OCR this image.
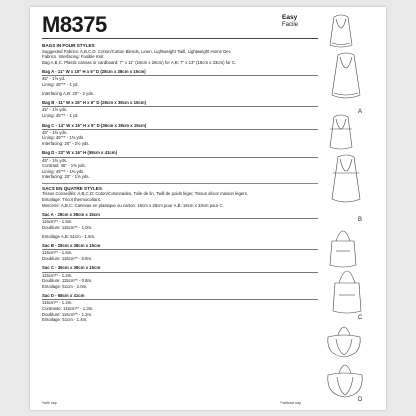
M8375	Easy
Facile
BAGS IN FOUR STYLES
Suggested Fabrics: A,B,C,D: Cotton/Cotton Blends, Linen, Lightweight Twill, Lightweight Home Dec
Fabrics. Interfacing: Fusible Knit.
Bag A,B,C: Plastic canvas or cardboard: 7" x 11" (18cm x 28cm) for A,B; 7" x 13" (18cm x 33cm) for C.
Bag A - 11" W x 15" H x 6" D (28cm x 38cm x 15cm)
45" - 1⅝ yd.
Lining: 45"** - 1 yd.
Interfacing A,B: 20" - 2 yds.
Bag B - 11" W x 15" H x 6" D (28cm x 38cm x 15cm)
45" - 1⅝ yds.
Lining: 45"** - 1 yd.
Bag C - 14" W x 15" H x 6" D (36cm x 38cm x 15cm)
45" - 1⅜ yds.
Lining: 45"** - 1⅜ yds.
Interfacing: 20" - 2½ yds.
Bag D - 23" W x 16" H (58cm x 41cm)
45" - 1⅜ yds.
Contrast: 45" - 1⅜ yds.
Lining: 45"** - 1⅜ yds.
Interfacing: 20" - 1⅝ yds.
SACS EN QUATRE STYLES
Tissus Conseillés: A,B,C,D: Coton/Cotonnades, Toile de lin, Twill de poids léger, Tissus décor maison légers.
Entoilage: Tricot thermocollant.
Mercerie: A,B,C: Canevas en plastique ou carton: 18cm x 28cm pour A,B; 18cm x 33cm pour C.
Sac A - 28cm x 38cm x 15cm
115cm** - 1.5m.
Doublure: 115cm** - 1.0m.
Entoilage A,B: 51cm - 1.8m.
Sac B - 28cm x 38cm x 15cm
115cm** - 1.5m.
Doublure: 115cm** - 0.8m.
Sac C - 36cm x 38cm x 15cm
115cm** - 1.2m.
Doublure: 115cm** - 0.8m.
Entoilage: 51cm - 2.0m.
Sac D - 58cm x 41cm
115cm** - 1.2m.
Contraste: 115cm** - 1.3m.
Doublure: 115cm** - 1.2m.
Entoilage: 51cm - 1.4m.
*with nap	**without nap
A
B
C
D
